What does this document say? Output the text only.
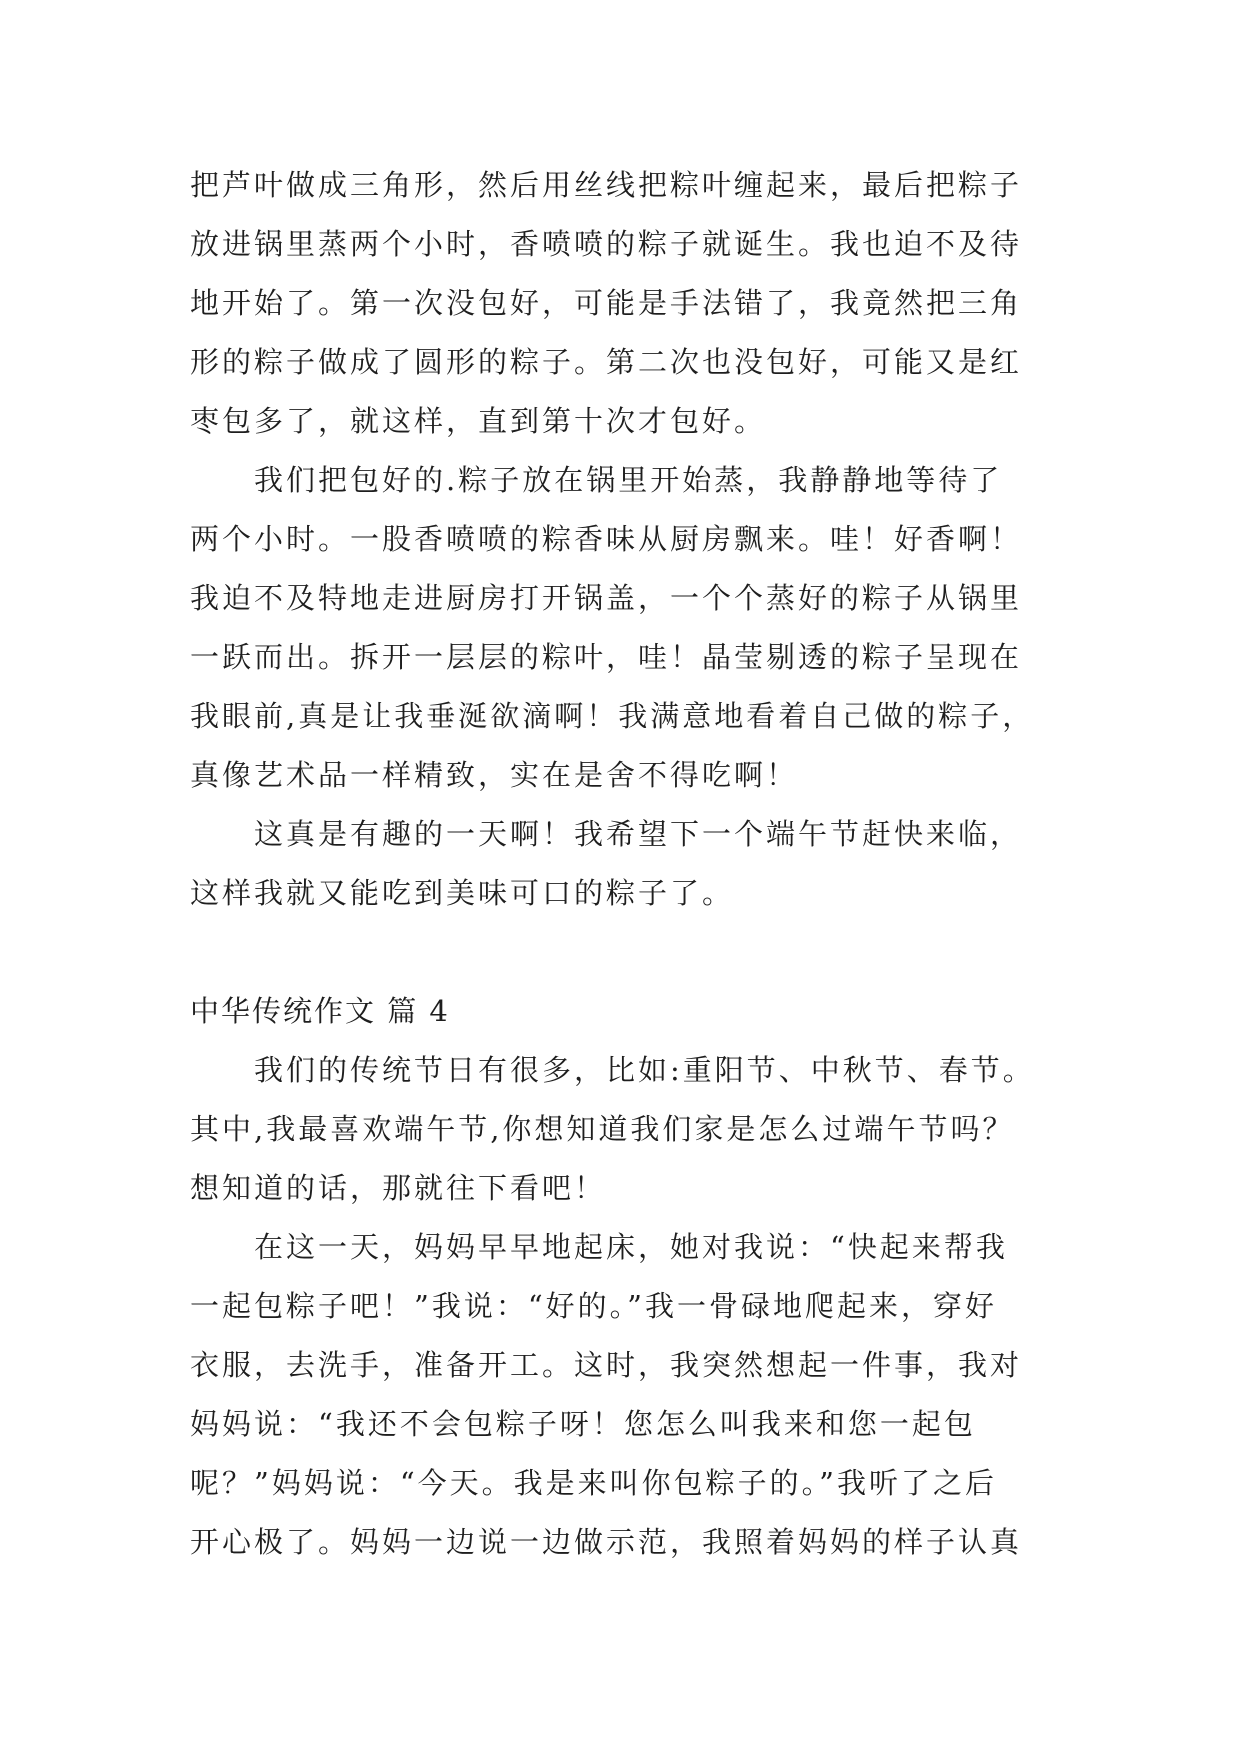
把芦叶做成三角形，然后用丝线把粽叶缠起来，最后把粽子
放进锅里蒸两个小时，香喷喷的粽子就诞生。我也迫不及待
地开始了。第一次没包好，可能是手法错了，我竟然把三角
形的粽子做成了圆形的粽子。第二次也没包好，可能又是红
枣包多了，就这样，直到第十次才包好。
我们把包好的.粽子放在锅里开始蒸，我静静地等待了
两个小时。一股香喷喷的粽香味从厨房飘来。哇！好香啊！
我迫不及特地走进厨房打开锅盖，一个个蒸好的粽子从锅里
一跃而出。拆开一层层的粽叶，哇！晶莹剔透的粽子呈现在
我眼前,真是让我垂涎欲滴啊！我满意地看着自己做的粽子，
真像艺术品一样精致，实在是舍不得吃啊！
这真是有趣的一天啊！我希望下一个端午节赶快来临，
这样我就又能吃到美味可口的粽子了。
中华传统作文 篇 4
我们的传统节日有很多，比如:重阳节、中秋节、春节。
其中,我最喜欢端午节,你想知道我们家是怎么过端午节吗？
想知道的话，那就往下看吧！
在这一天，妈妈早早地起床，她对我说：“快起来帮我
一起包粽子吧！”我说：“好的。”我一骨碌地爬起来，穿好
衣服，去洗手，准备开工。这时，我突然想起一件事，我对
妈妈说：“我还不会包粽子呀！您怎么叫我来和您一起包
呢？”妈妈说：“今天。我是来叫你包粽子的。”我听了之后
开心极了。妈妈一边说一边做示范，我照着妈妈的样子认真
